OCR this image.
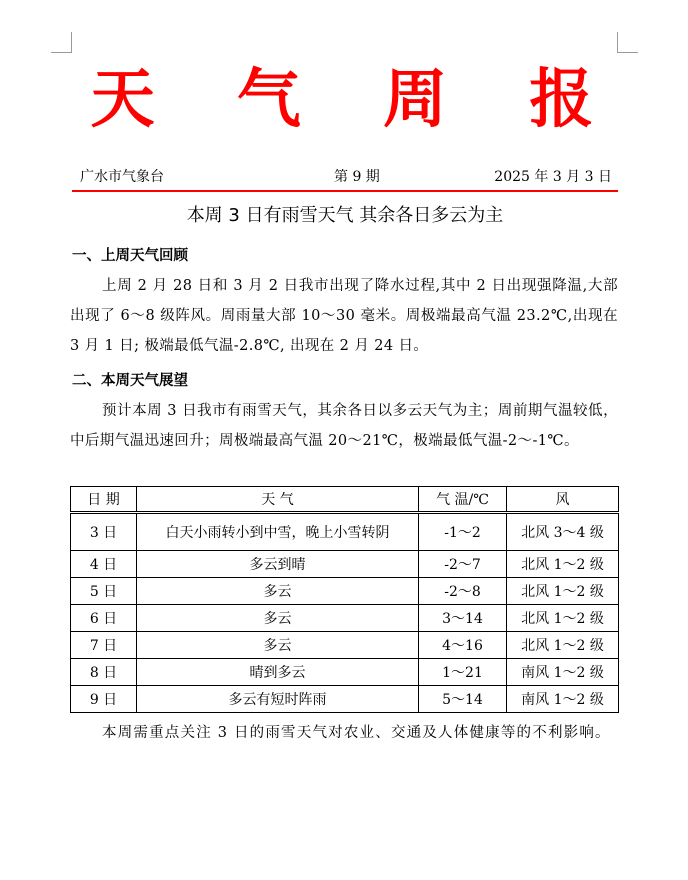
天 气 周 报
广水市气象台	第 9 期	2025 年 3 月 3 日
本周 3 日有雨雪天气 其余各日多云为主
一、上周天气回顾
上周 2 月 28 日和 3 月 2 日我市出现了降水过程,其中 2 日出现强降温,大部出现了 6～8 级阵风。周雨量大部 10～30 毫米。周极端最高气温 23.2℃,出现在 3 月 1 日; 极端最低气温-2.8℃, 出现在 2 月 24 日。
二、本周天气展望
预计本周 3 日我市有雨雪天气，其余各日以多云天气为主；周前期气温较低，中后期气温迅速回升；周极端最高气温 20～21℃，极端最低气温-2～-1℃。
日 期	天 气	气 温/℃	风
3 日	白天小雨转小到中雪，晚上小雪转阴	-1～2	北风 3～4 级
4 日	多云到晴	-2～7	北风 1～2 级
5 日	多云	-2～8	北风 1～2 级
6 日	多云	3～14	北风 1～2 级
7 日	多云	4～16	北风 1～2 级
8 日	晴到多云	1～21	南风 1～2 级
9 日	多云有短时阵雨	5～14	南风 1～2 级
本周需重点关注 3 日的雨雪天气对农业、交通及人体健康等的不利影响。
